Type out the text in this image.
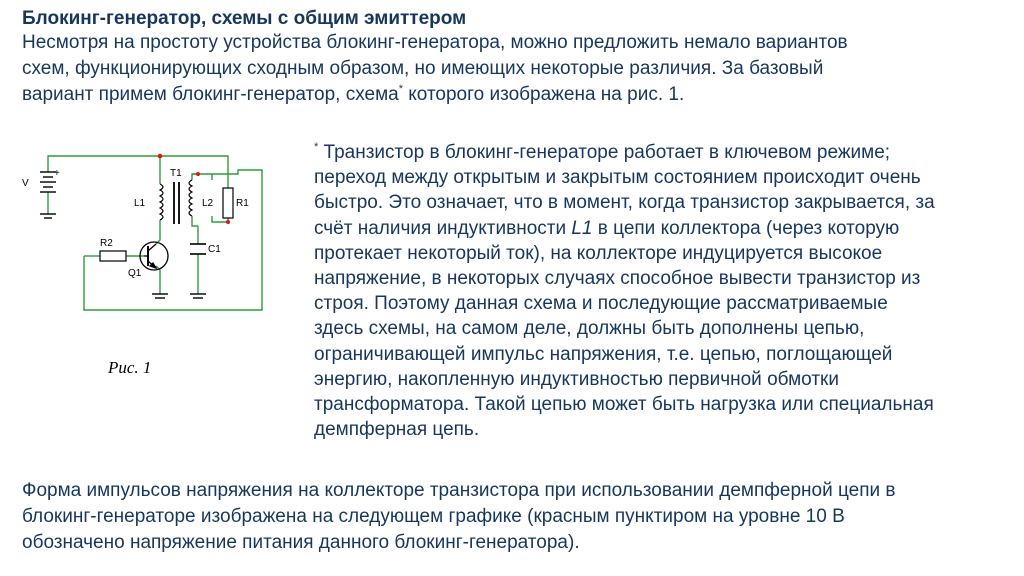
Блокинг-генератор, схемы с общим эмиттером
Несмотря на простоту устройства блокинг-генератора, можно предложить немало вариантов
схем, функционирующих сходным образом, но имеющих некоторые различия. За базовый
вариант примем блокинг-генератор, схема* которого изображена на рис. 1.
V
+	T1
L1	L2 R1
C1
R2
Q1
Рис. 1
* Транзистор в блокинг-генераторе работает в ключевом режиме;
переход между открытым и закрытым состоянием происходит очень
быстро. Это означает, что в момент, когда транзистор закрывается, за
счёт наличия индуктивности L1 в цепи коллектора (через которую
протекает некоторый ток), на коллекторе индуцируется высокое
напряжение, в некоторых случаях способное вывести транзистор из
строя. Поэтому данная схема и последующие рассматриваемые
здесь схемы, на самом деле, должны быть дополнены цепью,
ограничивающей импульс напряжения, т.е. цепью, поглощающей
энергию, накопленную индуктивностью первичной обмотки
трансформатора. Такой цепью может быть нагрузка или специальная
демпферная цепь.
Форма импульсов напряжения на коллекторе транзистора при использовании демпферной цепи в
блокинг-генераторе изображена на следующем графике (красным пунктиром на уровне 10 В
обозначено напряжение питания данного блокинг-генератора).
